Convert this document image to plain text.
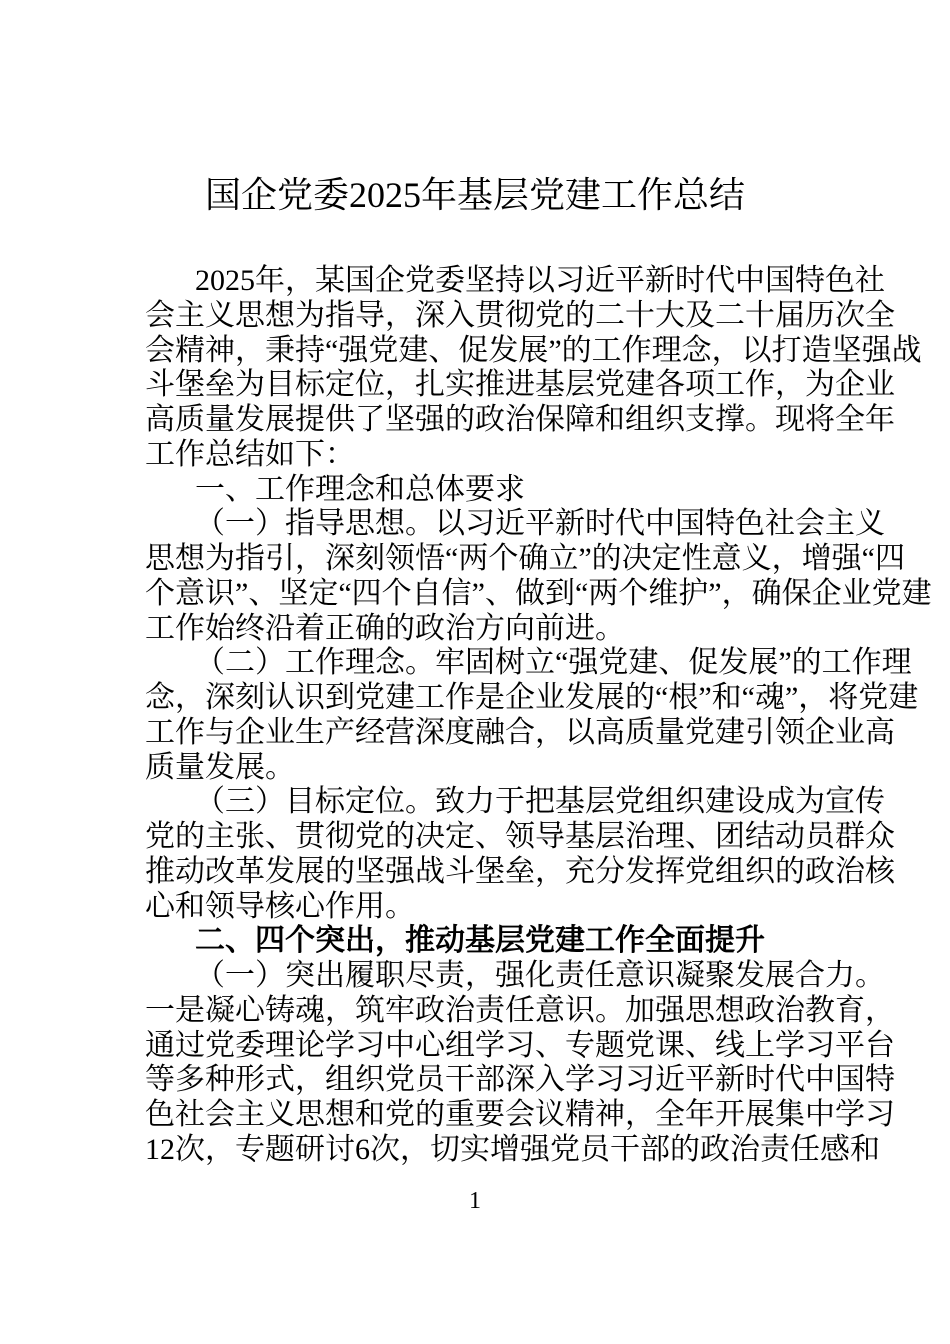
国企党委2025年基层党建工作总结
2025年，某国企党委坚持以习近平新时代中国特色社
会主义思想为指导，深入贯彻党的二十大及二十届历次全
会精神，秉持“强党建、促发展”的工作理念，以打造坚强战
斗堡垒为目标定位，扎实推进基层党建各项工作，为企业
高质量发展提供了坚强的政治保障和组织支撑。现将全年
工作总结如下：
一、工作理念和总体要求
（一）指导思想。以习近平新时代中国特色社会主义
思想为指引，深刻领悟“两个确立”的决定性意义，增强“四
个意识”、坚定“四个自信”、做到“两个维护”，确保企业党建
工作始终沿着正确的政治方向前进。
（二）工作理念。牢固树立“强党建、促发展”的工作理
念，深刻认识到党建工作是企业发展的“根”和“魂”，将党建
工作与企业生产经营深度融合，以高质量党建引领企业高
质量发展。
（三）目标定位。致力于把基层党组织建设成为宣传
党的主张、贯彻党的决定、领导基层治理、团结动员群众
推动改革发展的坚强战斗堡垒，充分发挥党组织的政治核
心和领导核心作用。
二、四个突出，推动基层党建工作全面提升
（一）突出履职尽责，强化责任意识凝聚发展合力。
一是凝心铸魂，筑牢政治责任意识。加强思想政治教育，
通过党委理论学习中心组学习、专题党课、线上学习平台
等多种形式，组织党员干部深入学习习近平新时代中国特
色社会主义思想和党的重要会议精神，全年开展集中学习
12次，专题研讨6次，切实增强党员干部的政治责任感和
1
